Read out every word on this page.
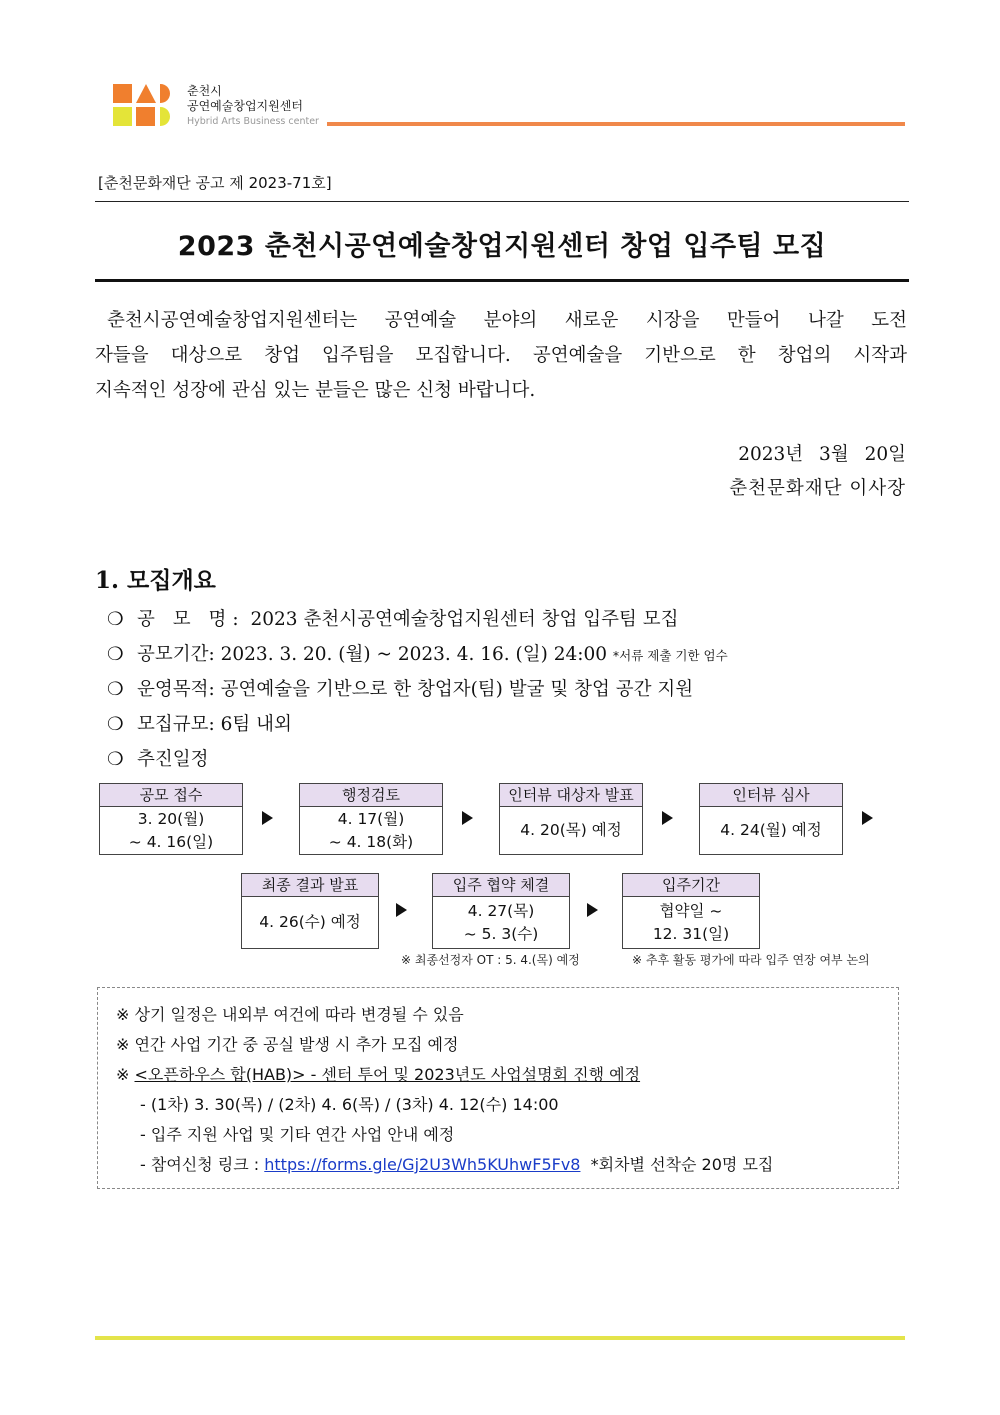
춘천시
공연예술창업지원센터
Hybrid Arts Business center
[춘천문화재단 공고 제 2023-71호]
2023 춘천시공연예술창업지원센터 창업 입주팀 모집
춘천시공연예술창업지원센터는 공연예술 분야의 새로운 시장을 만들어 나갈 도전
자들을 대상으로 창업 입주팀을 모집합니다. 공연예술을 기반으로 한 창업의 시작과
지속적인 성장에 관심 있는 분들은 많은 신청 바랍니다.
2023년 3월 20일
춘천문화재단 이사장
1. 모집개요
❍ 공 모 명: 2023 춘천시공연예술창업지원센터 창업 입주팀 모집
❍ 공모기간: 2023. 3. 20. (월) ~ 2023. 4. 16. (일) 24:00 *서류 제출 기한 엄수
❍ 운영목적: 공연예술을 기반으로 한 창업자(팀) 발굴 및 창업 공간 지원
❍ 모집규모: 6팀 내외
❍ 추진일정
공모 접수
3. 20(월)
~ 4. 16(일)
행정검토
4. 17(월)
~ 4. 18(화)
인터뷰 대상자 발표
4. 20(목) 예정
인터뷰 심사
4. 24(월) 예정
최종 결과 발표
4. 26(수) 예정
입주 협약 체결
4. 27(목)
~ 5. 3(수)
입주기간
협약일 ~
12. 31(일)
※ 최종선정자 OT : 5. 4.(목) 예정	※ 추후 활동 평가에 따라 입주 연장 여부 논의
※ 상기 일정은 내외부 여건에 따라 변경될 수 있음
※ 연간 사업 기간 중 공실 발생 시 추가 모집 예정
※ <오픈하우스 합(HAB)> - 센터 투어 및 2023년도 사업설명회 진행 예정
- (1차) 3. 30(목) / (2차) 4. 6(목) / (3차) 4. 12(수) 14:00
- 입주 지원 사업 및 기타 연간 사업 안내 예정
- 참여신청 링크 : https://forms.gle/Gj2U3Wh5KUhwF5Fv8 *회차별 선착순 20명 모집
